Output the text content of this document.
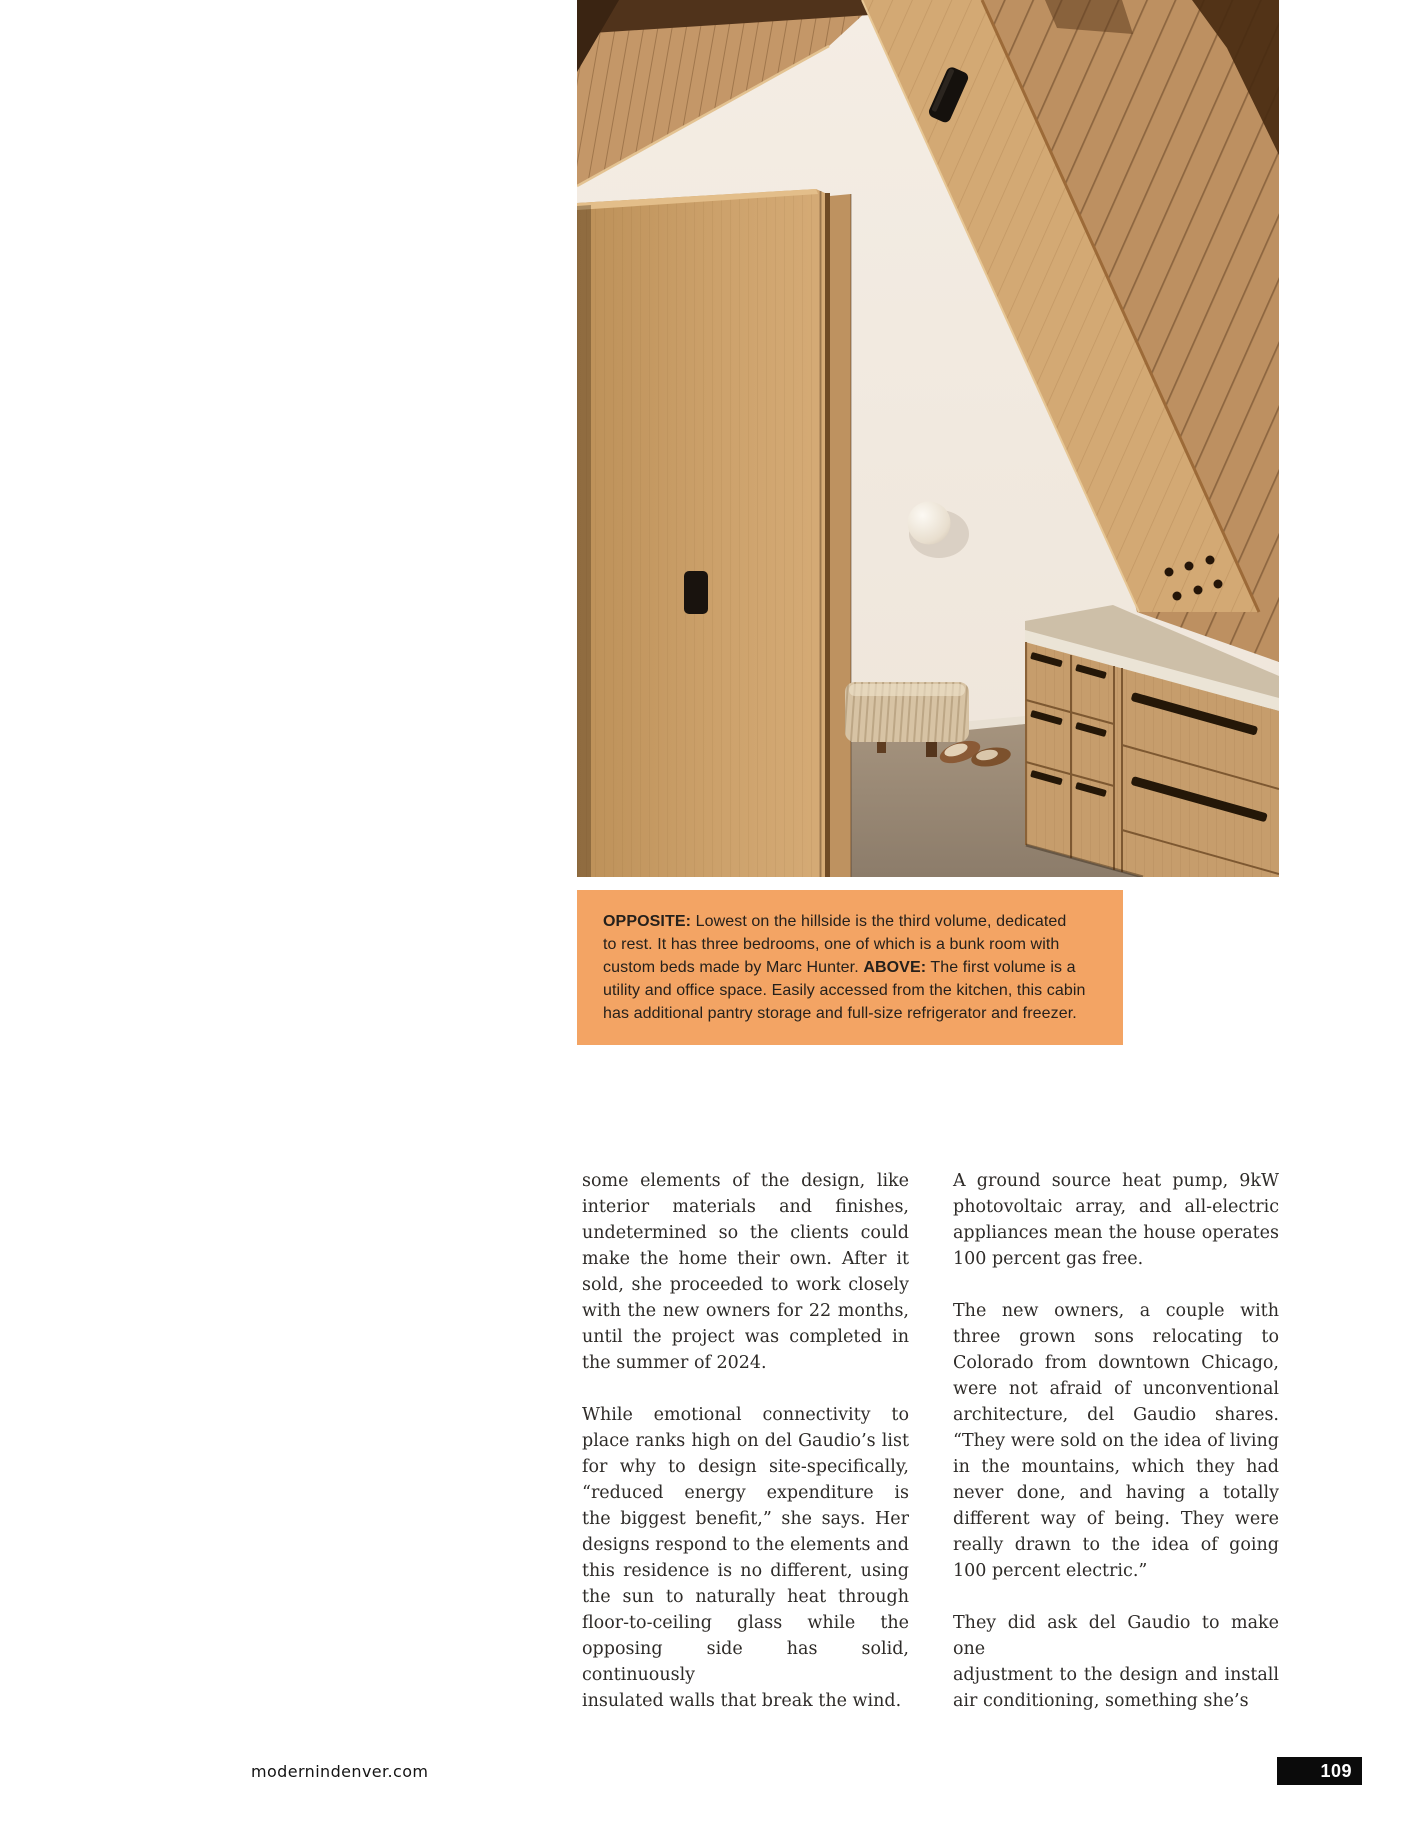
OPPOSITE: Lowest on the hillside is the third volume, dedicated
to rest. It has three bedrooms, one of which is a bunk room with
custom beds made by Marc Hunter. ABOVE: The first volume is a
utility and office space. Easily accessed from the kitchen, this cabin
has additional pantry storage and full-size refrigerator and freezer.
some elements of the design, like
interior materials and finishes,
undetermined so the clients could
make the home their own. After it
sold, she proceeded to work closely
with the new owners for 22 months,
until the project was completed in
the summer of 2024.
While emotional connectivity to
place ranks high on del Gaudio’s list
for why to design site-specifically,
“reduced energy expenditure is
the biggest benefit,” she says. Her
designs respond to the elements and
this residence is no different, using
the sun to naturally heat through
floor-to-ceiling glass while the
opposing side has solid, continuously
insulated walls that break the wind.
A ground source heat pump, 9kW
photovoltaic array, and all-electric
appliances mean the house operates
100 percent gas free.
The new owners, a couple with
three grown sons relocating to
Colorado from downtown Chicago,
were not afraid of unconventional
architecture, del Gaudio shares.
“They were sold on the idea of living
in the mountains, which they had
never done, and having a totally
different way of being. They were
really drawn to the idea of going
100 percent electric.”
They did ask del Gaudio to make one
adjustment to the design and install
air conditioning, something she’s
modernindenver.com	109
